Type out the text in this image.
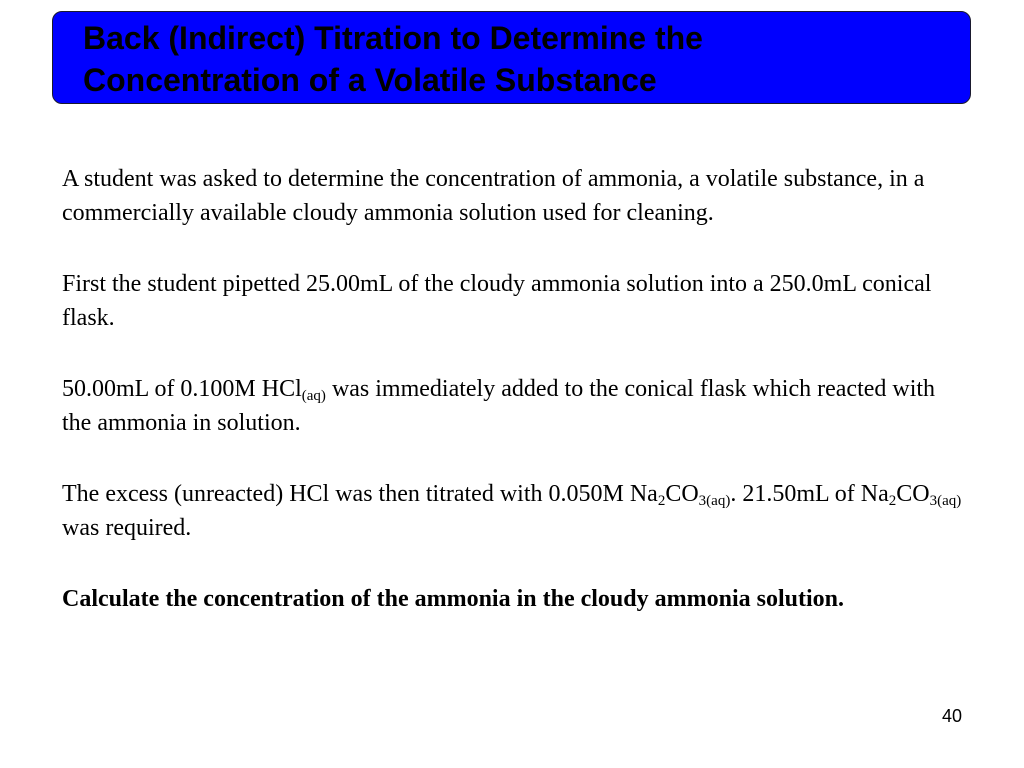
Back (Indirect) Titration to Determine the
Concentration of a Volatile Substance

A student was asked to determine the concentration of ammonia, a volatile substance, in a commercially available cloudy ammonia solution used for cleaning.

First the student pipetted 25.00mL of the cloudy ammonia solution into a 250.0mL conical flask.

50.00mL of 0.100M HCl$_{(aq)}$ was immediately added to the conical flask which reacted with the ammonia in solution.

The excess (unreacted) HCl was then titrated with 0.050M $Na_2CO_{3(aq)}$. 21.50mL of $Na_2CO_{3(aq)}$ was required.

Calculate the concentration of the ammonia in the cloudy ammonia solution.

40
